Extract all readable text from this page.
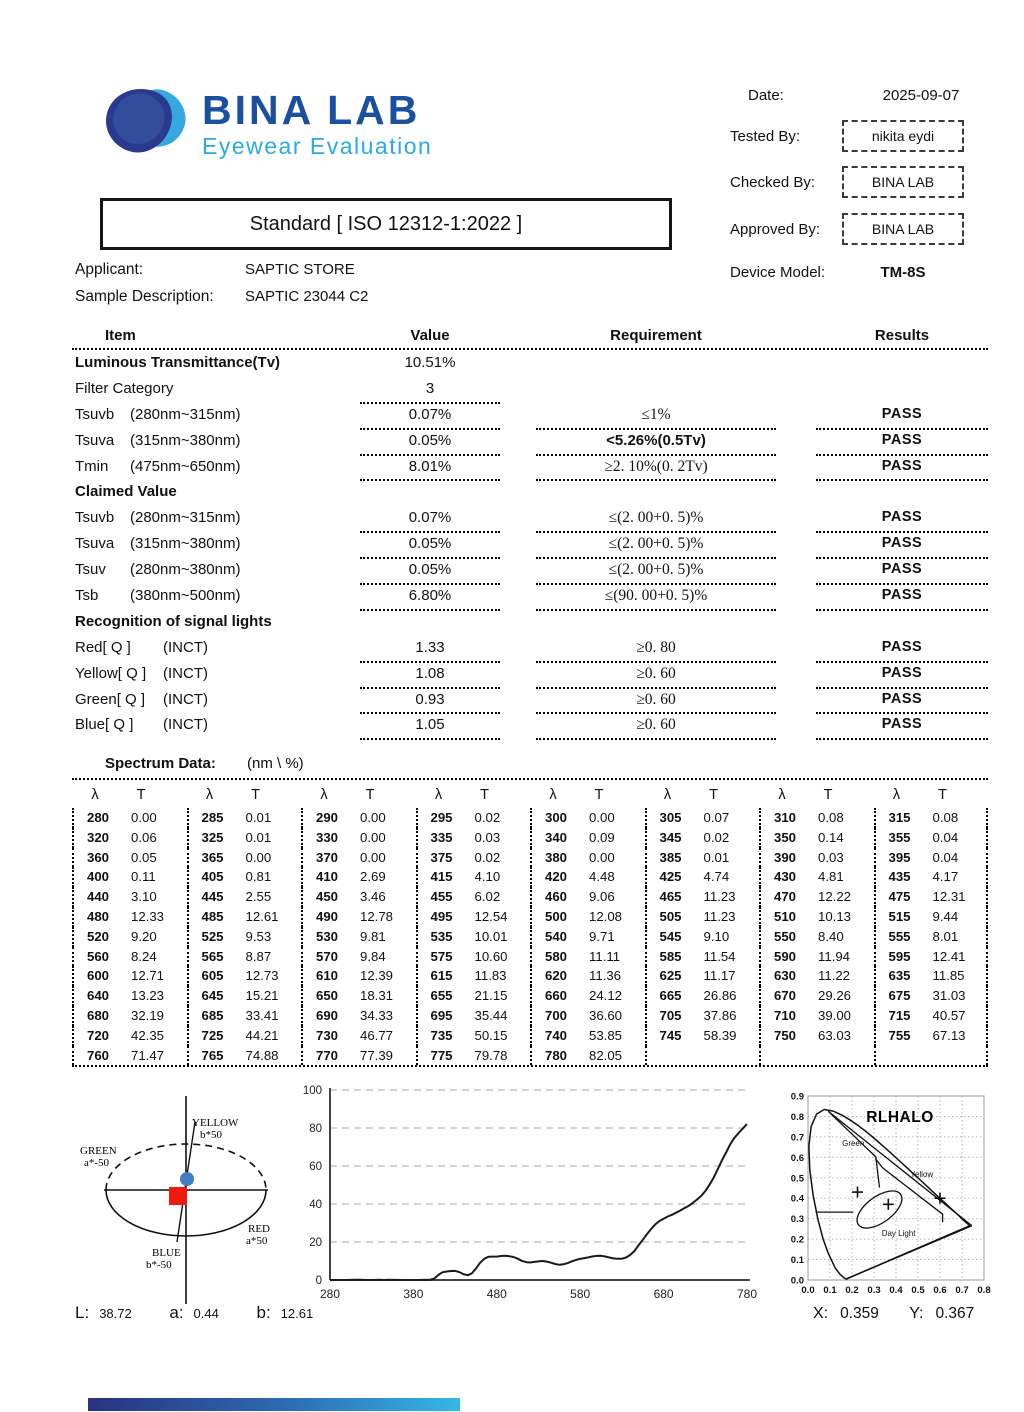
BINA LAB
Eyewear Evaluation
Date:	2025-09-07
Tested By:	nikita eydi
Checked By:	BINA LAB
Approved By:	BINA LAB
Device Model:	TM-8S
Standard [ ISO 12312-1:2022 ]
Applicant:	SAPTIC STORE
Sample Description: SAPTIC 23044 C2
Item	Value	Requirement	Results
Luminous Transmittance(Tv)	10.51%
Filter Category	3
Tsuvb (280nm~315nm)	0.07%	≤1%	PASS
Tsuva (315nm~380nm)	0.05%	<5.26%(0.5Tv)	PASS
Tmin (475nm~650nm)	8.01%	≥2. 10%(0. 2Tv)	PASS
Claimed Value
Tsuvb (280nm~315nm)	0.07%	≤(2. 00+0. 5)%	PASS
Tsuva (315nm~380nm)	0.05%	≤(2. 00+0. 5)%	PASS
Tsuv (280nm~380nm)	0.05%	≤(2. 00+0. 5)%	PASS
Tsb (380nm~500nm)	6.80%	≤(90. 00+0. 5)%	PASS
Recognition of signal lights
Red[ Q ] (INCT)	1.33	≥0. 80	PASS
Yellow[ Q ] (INCT)	1.08	≥0. 60	PASS
Green[ Q ] (INCT)	0.93	≥0. 60	PASS
Blue[ Q ] (INCT)	1.05	≥0. 60	PASS
Spectrum Data: (nm \ %)
λ	T	λ	T	λ	T	λ	T	λ	T	λ	T	λ	T	λ	T
280 0.00	285 0.01	290 0.00	295 0.02	300 0.00	305 0.07	310 0.08	315 0.08
320 0.06	325 0.01	330 0.00	335 0.03	340 0.09	345 0.02	350 0.14	355 0.04
360 0.05	365 0.00	370 0.00	375 0.02	380 0.00	385 0.01	390 0.03	395 0.04
400 0.11	405 0.81	410 2.69	415 4.10	420 4.48	425 4.74	430 4.81	435 4.17
440 3.10	445 2.55	450 3.46	455 6.02	460 9.06	465 11.23	470 12.22	475 12.31
480 12.33	485 12.61	490 12.78	495 12.54	500 12.08	505 11.23	510 10.13	515 9.44
520 9.20	525 9.53	530 9.81	535 10.01	540 9.71	545 9.10	550 8.40	555 8.01
560 8.24	565 8.87	570 9.84	575 10.60	580 11.11	585 11.54	590 11.94	595 12.41
600 12.71	605 12.73	610 12.39	615 11.83	620 11.36	625 11.17	630 11.22	635 11.85
640 13.23	645 15.21	650 18.31	655 21.15	660 24.12	665 26.86	670 29.26	675 31.03
680 32.19	685 33.41	690 34.33	695 35.44	700 36.60	705 37.86	710 39.00	715 40.57
720 42.35	725 44.21	730 46.77	735 50.15	740 53.85	745 58.39	750 63.03	755 67.13
760 71.47	765 74.88	770 77.39	775 79.78	780 82.05
YELLOW
b*50
GREEN
a*-50
BLUE
b*-50
RED
a*50
0
20
40
60
80
100
280	380	480	580	680	780	0.0 0.1 0.2 0.3 0.4 0.5 0.6 0.7 0.8
0.0
0.1
0.2
0.3
0.4
0.5
0.6
0.7
0.8
0.9
Green
Yellow
Day Light
RLHALO
L: 38.72 a: 0.44 b: 12.61	X: 0.359 Y: 0.367
